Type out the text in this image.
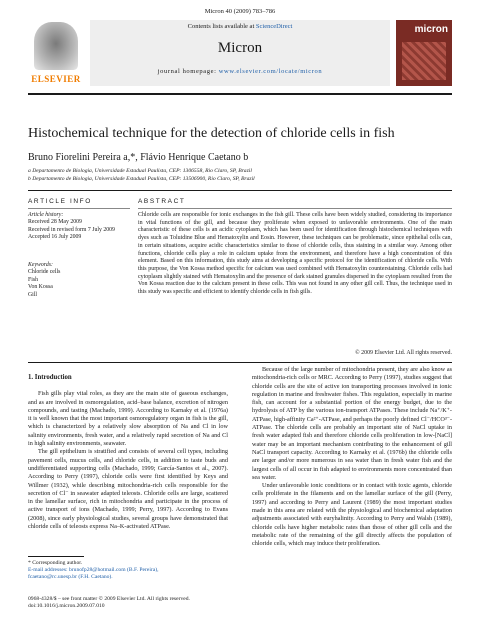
Micron 40 (2009) 783–786
ELSEVIER
Contents lists available at ScienceDirect
Micron
journal homepage: www.elsevier.com/locate/micron
micron
Histochemical technique for the detection of chloride cells in fish
Bruno Fiorelini Pereira a,*, Flávio Henrique Caetano b
a Departamento de Biologia, Universidade Estadual Paulista, CEP: 1306558, Rio Claro, SP, Brazil
b Departamento de Biologia, Universidade Estadual Paulista, CEP: 13506900, Rio Claro, SP, Brazil
ARTICLE INFO	ABSTRACT
Article history:
Received 28 May 2009
Received in revised form 7 July 2009
Accepted 16 July 2009
Keywords:
Chloride cells
Fish
Von Kossa
Gill
Chloride cells are responsible for ionic exchanges in the fish gill. These cells have been widely studied, considering its importance in vital functions of the gill, and because they proliferate when exposed to unfavorable environments. One of the main characteristic of these cells is an acidic cytoplasm, which has been used for identification through histochemical techniques with dyes such as Toluidine Blue and Hematoxylin and Eosin. However, these techniques can be problematic, since epithelial cells can, in certain situations, acquire acidic characteristics similar to those of chloride cells, thus staining in a similar way. Among other functions, chloride cells play a role in calcium uptake from the environment, and therefore have a high concentration of this element. Based on this information, this study aims at developing a specific protocol for the identification of chloride cells. With this purpose, the Von Kossa method specific for calcium was used combined with Hematoxylin counterstaining. Chloride cells had cytoplasm slightly stained with Hematoxylin and the presence of dark stained granules dispersed in the cytoplasm resulted from the Von Kossa reaction due to the calcium present in these cells. This was not found in any other gill cell. Thus, the technique used in this study was specific and efficient to identify chloride cells in fish gills.
© 2009 Elsevier Ltd. All rights reserved.
1. Introduction

Fish gills play vital roles, as they are the main site of gaseous exchanges, and as are involved in osmoregulation, acid–base balance, excretion of nitrogen compounds, and tasting (Machado, 1999). According to Karnaky et al. (1976a) it is well known that the most important osmoregulatory organ in fish is the gill, which is characterized by a relatively slow absorption of Na and Cl in low salinity environments, fresh water, and a relatively rapid secretion of Na and Cl in high salinity environments, seawater.

The gill epithelium is stratified and consists of several cell types, including pavement cells, mucus cells, and chloride cells, in addition to taste buds and undifferentiated supporting cells (Machado, 1999; García-Santos et al., 2007). According to Perry (1997), chloride cells were first identified by Keys and Willmer (1932), while describing mitochondria-rich cells responsible for the secretion of Cl⁻ in seawater adapted teleosts. Chloride cells are large, scattered in the lamellar surface, rich in mitochondria and participate in the process of active transport of ions (Machado, 1999; Perry, 1997). According to Evans (2008), since early physiological studies, several groups have demonstrated that chloride cells of teleosts express Na–K-activated ATPase.

Because of the large number of mitochondria present, they are also know as mitochondria-rich cells or MRC. According to Perry (1997), studies suggest that chloride cells are the site of active ion transporting processes involved in ionic regulation in marine and freshwater fishes. This regulation, especially in marine fish, can account for a substantial portion of the energy budget, due to the hydrolysis of ATP by the various ion-transport ATPases. These include Na⁺/K⁺-ATPase, high-affinity Ca²⁺-ATPase, and perhaps the poorly defined Cl⁻/HCO³⁻-ATPase. The chloride cells are probably an important site of NaCl uptake in fresh water adapted fish and therefore chloride cells proliferation in low-[NaCl] water may be an important mechanism contributing to the enhancement of gill NaCl transport capacity. According to Karnaky et al. (1976b) the chloride cells are larger and/or more numerous in sea water than in fresh water fish and the largest cells of all occur in fish adapted to environments more concentrated than sea water.

Under unfavorable ionic conditions or in contact with toxic agents, chloride cells proliferate in the filaments and on the lamellar surface of the gill (Perry, 1997) and according to Perry and Laurent (1989) the most important studies made in this area are related with the physiological and biochemical adaptation adjustments associated with euryhalinity. According to Perry and Walsh (1989), chloride cells have higher metabolic rates than those of other gill cells and the metabolic rate of the remaining of the gill directly affects the population of chloride cells, which may induce their proliferation.

* Corresponding author.
E-mail addresses: brunofp28@hotmail.com (B.F. Pereira),
fcaetano@rc.unesp.br (F.H. Caetano).
0968-4328/$ – see front matter © 2009 Elsevier Ltd. All rights reserved.
doi:10.1016/j.micron.2009.07.010
